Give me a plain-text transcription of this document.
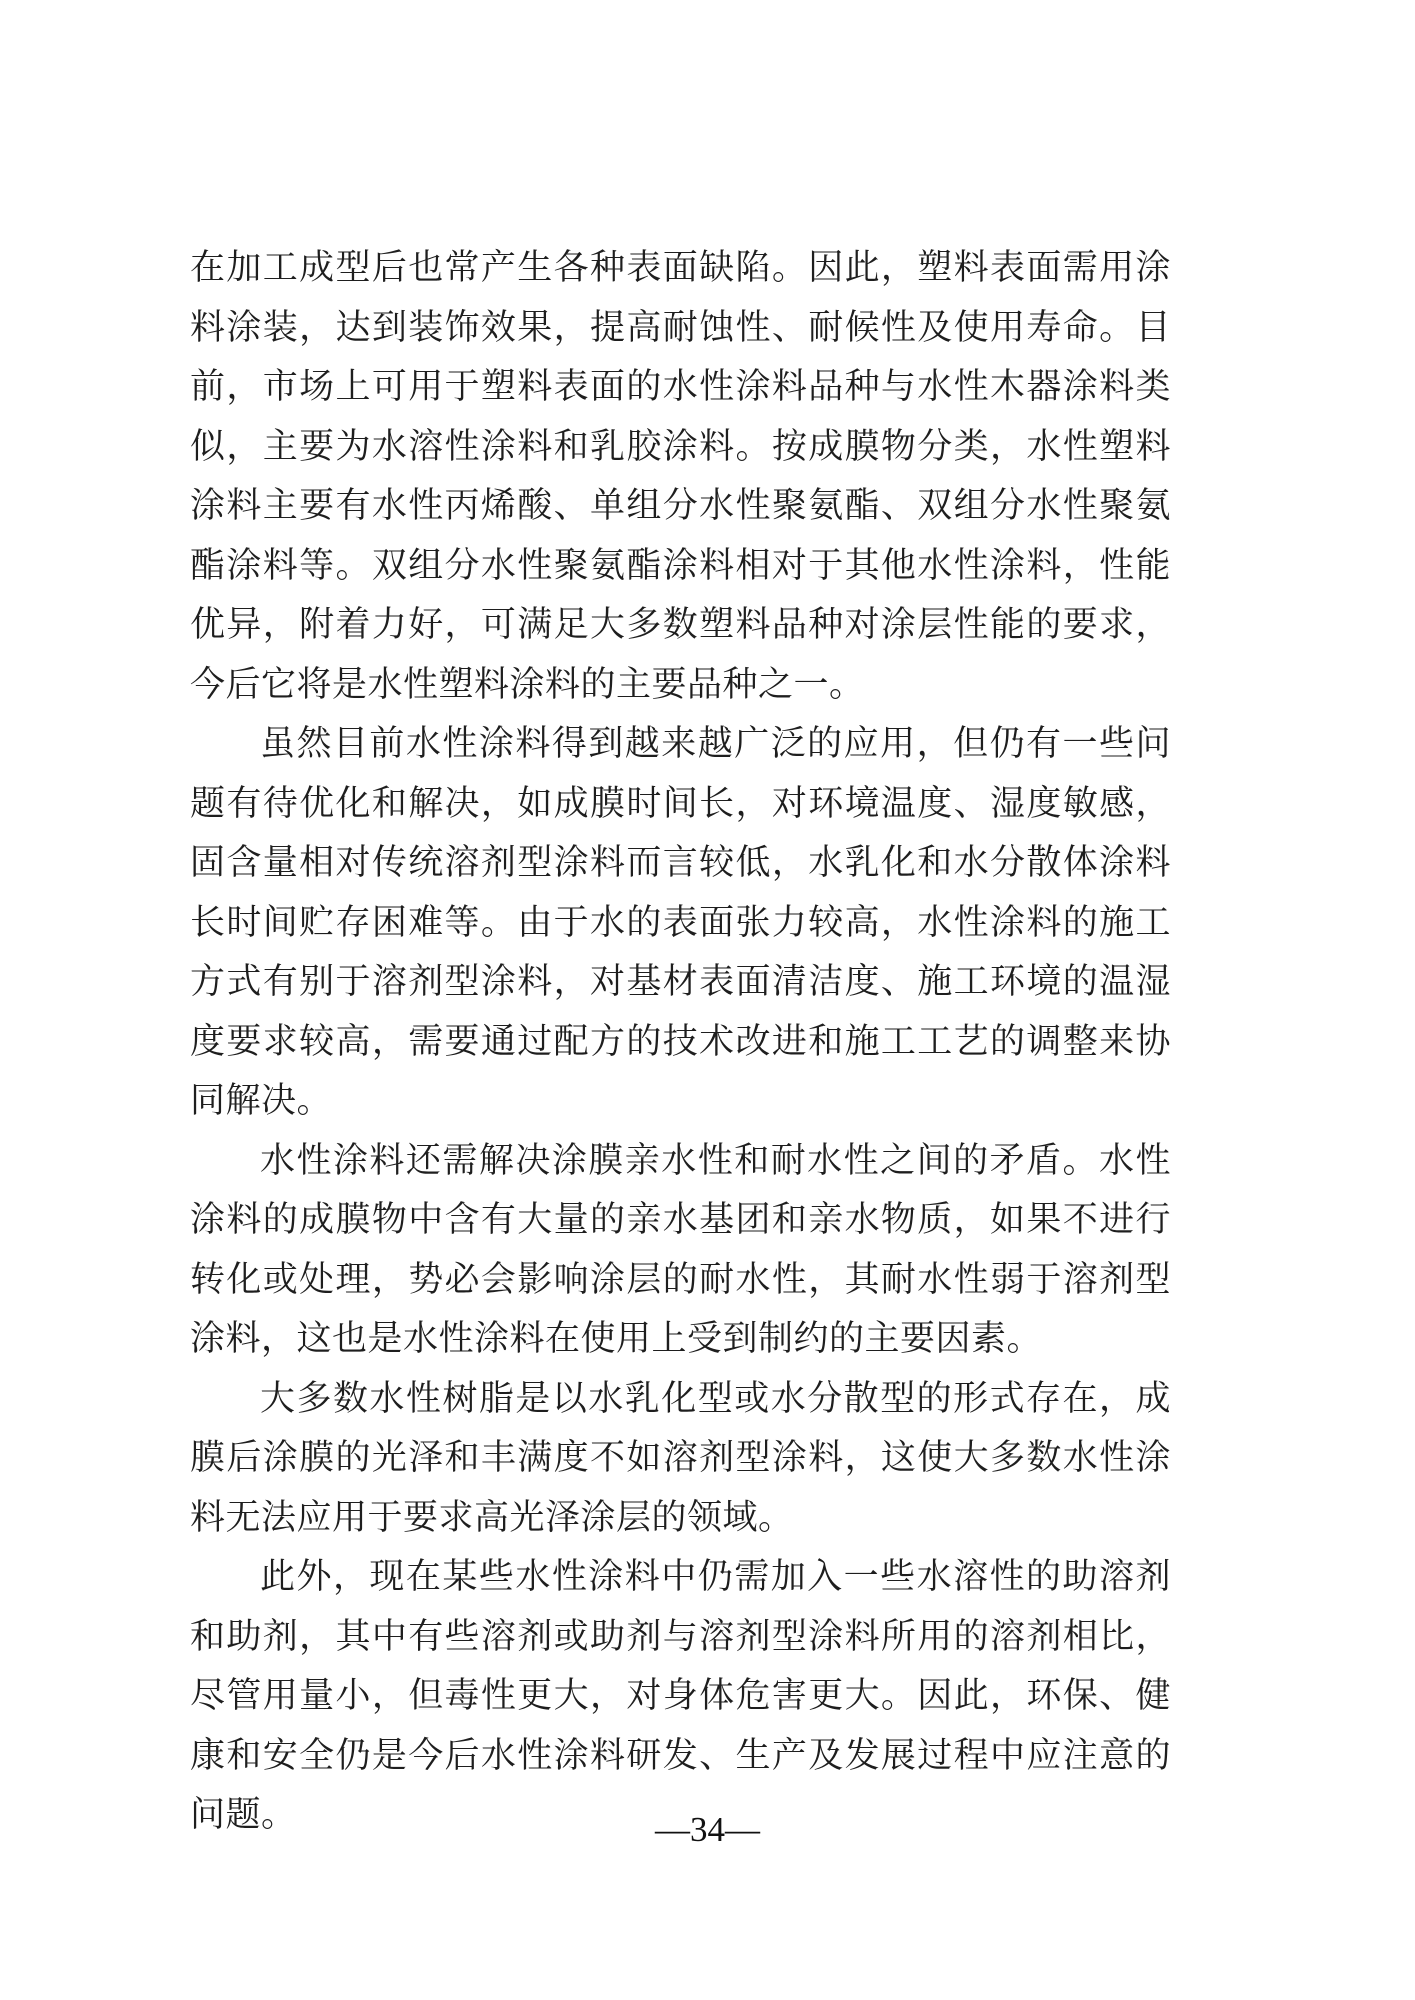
在加工成型后也常产生各种表面缺陷。因此，塑料表面需用涂料涂装，达到装饰效果，提高耐蚀性、耐候性及使用寿命。目前，市场上可用于塑料表面的水性涂料品种与水性木器涂料类似，主要为水溶性涂料和乳胶涂料。按成膜物分类，水性塑料涂料主要有水性丙烯酸、单组分水性聚氨酯、双组分水性聚氨酯涂料等。双组分水性聚氨酯涂料相对于其他水性涂料，性能优异，附着力好，可满足大多数塑料品种对涂层性能的要求，今后它将是水性塑料涂料的主要品种之一。

虽然目前水性涂料得到越来越广泛的应用，但仍有一些问题有待优化和解决，如成膜时间长，对环境温度、湿度敏感，固含量相对传统溶剂型涂料而言较低，水乳化和水分散体涂料长时间贮存困难等。由于水的表面张力较高，水性涂料的施工方式有别于溶剂型涂料，对基材表面清洁度、施工环境的温湿度要求较高，需要通过配方的技术改进和施工工艺的调整来协同解决。

水性涂料还需解决涂膜亲水性和耐水性之间的矛盾。水性涂料的成膜物中含有大量的亲水基团和亲水物质，如果不进行转化或处理，势必会影响涂层的耐水性，其耐水性弱于溶剂型涂料，这也是水性涂料在使用上受到制约的主要因素。

大多数水性树脂是以水乳化型或水分散型的形式存在，成膜后涂膜的光泽和丰满度不如溶剂型涂料，这使大多数水性涂料无法应用于要求高光泽涂层的领域。

此外，现在某些水性涂料中仍需加入一些水溶性的助溶剂和助剂，其中有些溶剂或助剂与溶剂型涂料所用的溶剂相比，尽管用量小，但毒性更大，对身体危害更大。因此，环保、健康和安全仍是今后水性涂料研发、生产及发展过程中应注意的问题。	—34—
